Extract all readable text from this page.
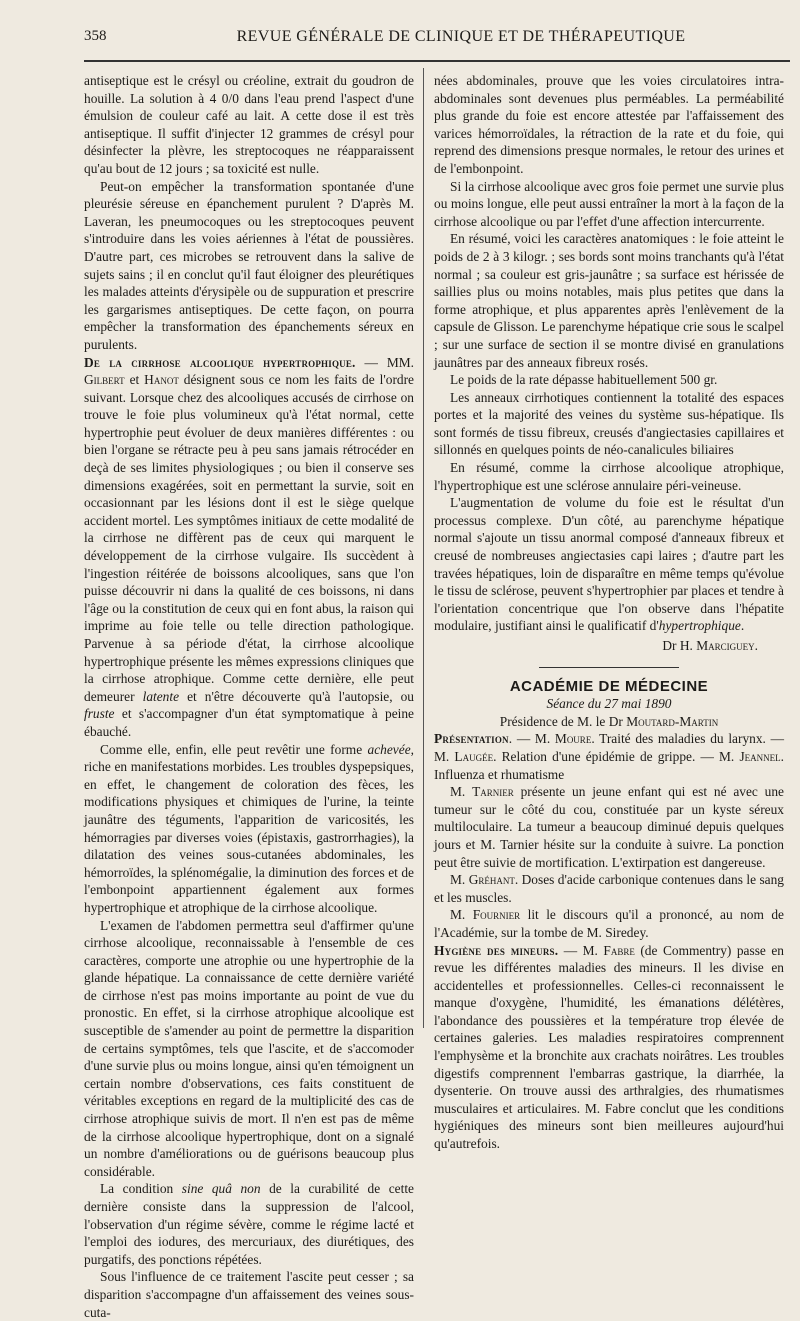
358	REVUE GÉNÉRALE DE CLINIQUE ET DE THÉRAPEUTIQUE

antiseptique est le crésyl ou créoline, extrait du goudron de houille. La solution à 4 0/0 dans l'eau prend l'aspect d'une émulsion de couleur café au lait. A cette dose il est très antiseptique. Il suffit d'injecter 12 grammes de crésyl pour désinfecter la plèvre, les streptocoques ne réapparaissent qu'au bout de 12 jours ; sa toxicité est nulle.

Peut-on empêcher la transformation spontanée d'une pleurésie séreuse en épanchement purulent ? D'après M. Laveran, les pneumocoques ou les streptocoques peuvent s'introduire dans les voies aériennes à l'état de poussières. D'autre part, ces microbes se retrouvent dans la salive de sujets sains ; il en conclut qu'il faut éloigner des pleurétiques les malades atteints d'érysipèle ou de suppuration et prescrire les gargarismes antiseptiques. De cette façon, on pourra empêcher la transformation des épanchements séreux en purulents.

De la cirrhose alcoolique hypertrophique. — MM. Gilbert et Hanot désignent sous ce nom les faits de l'ordre suivant. Lorsque chez des alcooliques accusés de cirrhose on trouve le foie plus volumineux qu'à l'état normal, cette hypertrophie peut évoluer de deux manières différentes : ou bien l'organe se rétracte peu à peu sans jamais rétrocéder en deçà de ses limites physiologiques ; ou bien il conserve ses dimensions exagérées, soit en permettant la survie, soit en occasionnant par les lésions dont il est le siège quelque accident mortel. Les symptômes initiaux de cette modalité de la cirrhose ne diffèrent pas de ceux qui marquent le développement de la cirrhose vulgaire. Ils succèdent à l'ingestion réitérée de boissons alcooliques, sans que l'on puisse découvrir ni dans la qualité de ces boissons, ni dans l'âge ou la constitution de ceux qui en font abus, la raison qui imprime au foie telle ou telle direction pathologique. Parvenue à sa période d'état, la cirrhose alcoolique hypertrophique présente les mêmes expressions cliniques que la cirrhose atrophique. Comme cette dernière, elle peut demeurer latente et n'être découverte qu'à l'autopsie, ou fruste et s'accompagner d'un état symptomatique à peine ébauché.

Comme elle, enfin, elle peut revêtir une forme achevée, riche en manifestations morbides. Les troubles dyspepsiques, en effet, le changement de coloration des fèces, les modifications physiques et chimiques de l'urine, la teinte jaunâtre des téguments, l'apparition de varicosités, les hémorragies par diverses voies (épistaxis, gastrorrhagies), la dilatation des veines sous-cutanées abdominales, les hémorroïdes, la splénomégalie, la diminution des forces et de l'embonpoint appartiennent également aux formes hypertrophique et atrophique de la cirrhose alcoolique.

L'examen de l'abdomen permettra seul d'affirmer qu'une cirrhose alcoolique, reconnaissable à l'ensemble de ces caractères, comporte une atrophie ou une hypertrophie de la glande hépatique. La connaissance de cette dernière variété de cirrhose n'est pas moins importante au point de vue du pronostic. En effet, si la cirrhose atrophique alcoolique est susceptible de s'amender au point de permettre la disparition de certains symptômes, tels que l'ascite, et de s'accomoder d'une survie plus ou moins longue, ainsi qu'en témoignent un certain nombre d'observations, ces faits constituent de véritables exceptions en regard de la multiplicité des cas de cirrhose atrophique suivis de mort. Il n'en est pas de même de la cirrhose alcoolique hypertrophique, dont on a signalé un nombre d'améliorations ou de guérisons beaucoup plus considérable.

La condition sine quâ non de la curabilité de cette dernière consiste dans la suppression de l'alcool, l'observation d'un régime sévère, comme le régime lacté et l'emploi des iodures, des mercuriaux, des diurétiques, des purgatifs, des ponctions répétées.

Sous l'influence de ce traitement l'ascite peut cesser ; sa disparition s'accompagne d'un affaissement des veines sous-cuta-

nées abdominales, prouve que les voies circulatoires intra-abdominales sont devenues plus perméables. La perméabilité plus grande du foie est encore attestée par l'affaissement des varices hémorroïdales, la rétraction de la rate et du foie, qui reprend des dimensions presque normales, le retour des urines et de l'embonpoint.

Si la cirrhose alcoolique avec gros foie permet une survie plus ou moins longue, elle peut aussi entraîner la mort à la façon de la cirrhose alcoolique ou par l'effet d'une affection intercurrente.

En résumé, voici les caractères anatomiques : le foie atteint le poids de 2 à 3 kilogr. ; ses bords sont moins tranchants qu'à l'état normal ; sa couleur est gris-jaunâtre ; sa surface est hérissée de saillies plus ou moins notables, mais plus petites que dans la forme atrophique, et plus apparentes après l'enlèvement de la capsule de Glisson. Le parenchyme hépatique crie sous le scalpel ; sur une surface de section il se montre divisé en granulations jaunâtres par des anneaux fibreux rosés.

Le poids de la rate dépasse habituellement 500 gr.

Les anneaux cirrhotiques contiennent la totalité des espaces portes et la majorité des veines du système sus-hépatique. Ils sont formés de tissu fibreux, creusés d'angiectasies capillaires et sillonnés en quelques points de néo-canalicules biliaires

En résumé, comme la cirrhose alcoolique atrophique, l'hypertrophique est une sclérose annulaire péri-veineuse.

L'augmentation de volume du foie est le résultat d'un processus complexe. D'un côté, au parenchyme hépatique normal s'ajoute un tissu anormal composé d'anneaux fibreux et creusé de nombreuses angiectasies capi laires ; d'autre part les travées hépatiques, loin de disparaître en même temps qu'évolue le tissu de sclérose, peuvent s'hypertrophier par places et tendre à l'orientation concentrique que l'on observe dans l'hépatite modulaire, justifiant ainsi le qualificatif d'hypertrophique.

Dr H. Marciguey.

ACADÉMIE DE MÉDECINE

Séance du 27 mai 1890

Présidence de M. le Dr Moutard-Martin

Présentation. — M. Moure. Traité des maladies du larynx. — M. Laugée. Relation d'une épidémie de grippe. — M. Jeannel. Influenza et rhumatisme

M. Tarnier présente un jeune enfant qui est né avec une tumeur sur le côté du cou, constituée par un kyste séreux multiloculaire. La tumeur a beaucoup diminué depuis quelques jours et M. Tarnier hésite sur la conduite à suivre. La ponction peut être suivie de mortification. L'extirpation est dangereuse.

M. Gréhant. Doses d'acide carbonique contenues dans le sang et les muscles.

M. Fournier lit le discours qu'il a prononcé, au nom de l'Académie, sur la tombe de M. Siredey.

Hygiène des mineurs. — M. Fabre (de Commentry) passe en revue les différentes maladies des mineurs. Il les divise en accidentelles et professionnelles. Celles-ci reconnaissent le manque d'oxygène, l'humidité, les émanations délétères, l'abondance des poussières et la température trop élevée de certaines galeries. Les maladies respiratoires comprennent l'emphysème et la bronchite aux crachats noirâtres. Les troubles digestifs comprennent l'embarras gastrique, la diarrhée, la dysenterie. On trouve aussi des arthralgies, des rhumatismes musculaires et articulaires. M. Fabre conclut que les conditions hygiéniques des mineurs sont bien meilleures aujourd'hui qu'autrefois.
